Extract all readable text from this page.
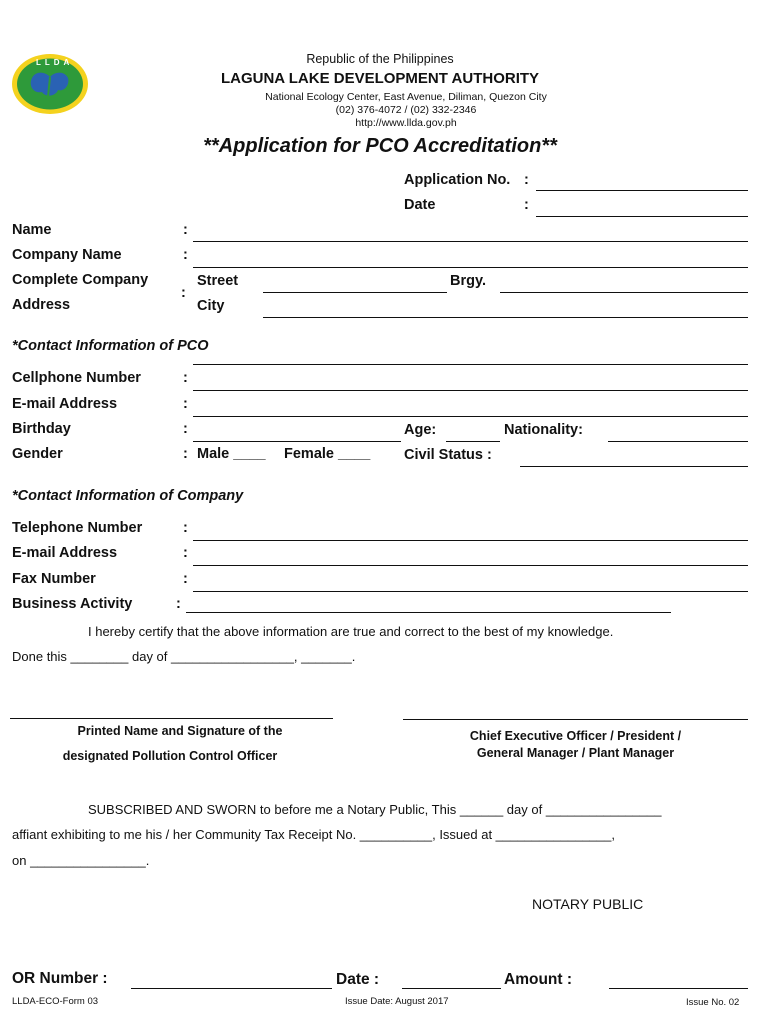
LLDA	Republic of the Philippines
LAGUNA LAKE DEVELOPMENT AUTHORITY
National Ecology Center, East Avenue, Diliman, Quezon City
(02) 376-4072 / (02) 332-2346
http://www.llda.gov.ph
**Application for PCO Accreditation**
Application No. :
Date	:
Name	:
Company Name	:
Complete Company
Address
:
Street	Brgy.
City
*Contact Information of PCO
Cellphone Number	:
E-mail Address	:
Birthday	:	Age:	Nationality:
Gender	: Male ____ Female ____ Civil Status :
*Contact Information of Company
Telephone Number	:
E-mail Address	:
Fax Number	:
Business Activity	:
I hereby certify that the above information are true and correct to the best of my knowledge.
Done this ________ day of _________________, _______.
Printed Name and Signature of the
designated Pollution Control Officer
Chief Executive Officer / President /
General Manager / Plant Manager
SUBSCRIBED AND SWORN to before me a Notary Public, This ______ day of ________________
affiant exhibiting to me his / her Community Tax Receipt No. __________, Issued at ________________,
on ________________.
NOTARY PUBLIC
OR Number :	Date :	Amount :
LLDA-ECO-Form 03	Issue Date: August 2017	Issue No. 02
